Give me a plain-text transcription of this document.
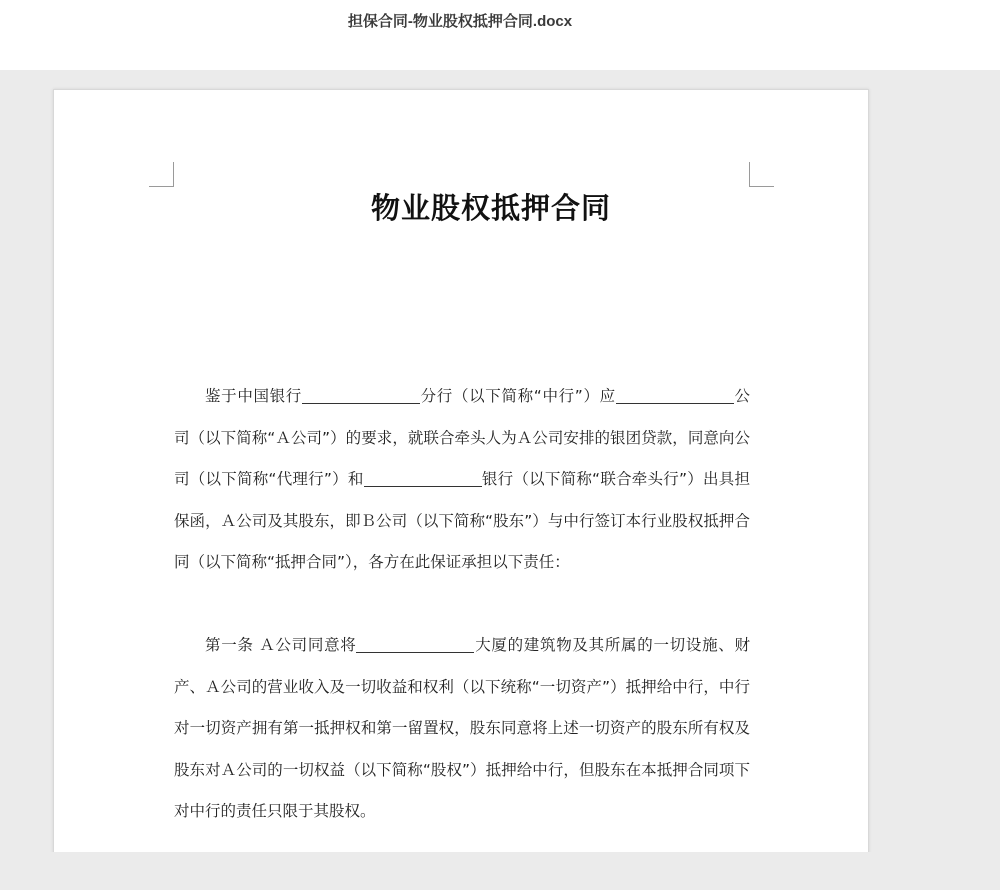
担保合同-物业股权抵押合同.docx
物业股权抵押合同

鉴于中国银行	分行（以下简称“中行”）应	公司（以下简称“Ａ公司”）的要求，就联合牵头人为Ａ公司安排的银团贷款，同意向公司（以下简称“代理行”）和	银行（以下简称“联合牵头行”）出具担保函，Ａ公司及其股东，即Ｂ公司（以下简称“股东”）与中行签订本行业股权抵押合同（以下简称“抵押合同”），各方在此保证承担以下责任：

第一条 Ａ公司同意将	大厦的建筑物及其所属的一切设施、财产、Ａ公司的营业收入及一切收益和权利（以下统称“一切资产”）抵押给中行，中行对一切资产拥有第一抵押权和第一留置权，股东同意将上述一切资产的股东所有权及股东对Ａ公司的一切权益（以下简称“股权”）抵押给中行，但股东在本抵押合同项下对中行的责任只限于其股权。
